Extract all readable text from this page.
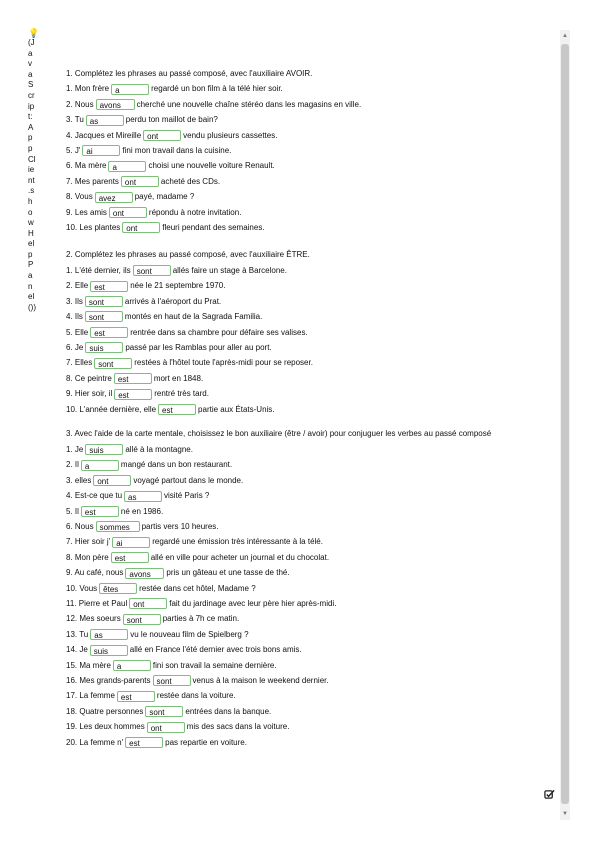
💡
(J
a
v
a
S
cr
ip
t:
A
p
p
Cl
ie
nt
.s
h
o
w
H
el
p
P
a
n
el
())
1. Complétez les phrases au passé composé, avec l'auxiliaire AVOIR.
1. Mon frère a	regardé un bon film à la télé hier soir.
2. Nous avons cherché une nouvelle chaîne stéréo dans les magasins en ville.
3. Tu as	perdu ton maillot de bain?
4. Jacques et Mireille ont	vendu plusieurs cassettes.
5. J' ai	fini mon travail dans la cuisine.
6. Ma mère a	choisi une nouvelle voiture Renault.
7. Mes parents ont	acheté des CDs.
8. Vous avez payé, madame ?
9. Les amis ont	répondu à notre invitation.
10. Les plantes ont	fleuri pendant des semaines.
2. Complétez les phrases au passé composé, avec l'auxiliaire ÊTRE.
1. L'été dernier, ils sont	allés faire un stage à Barcelone.
2. Elle est	née le 21 septembre 1970.
3. Ils sont	arrivés à l'aéroport du Prat.
4. Ils sont	montés en haut de la Sagrada Familia.
5. Elle est	rentrée dans sa chambre pour défaire ses valises.
6. Je suis	passé par les Ramblas pour aller au port.
7. Elles sont	restées à l'hôtel toute l'après-midi pour se reposer.
8. Ce peintre est	mort en 1848.
9. Hier soir, il est	rentré très tard.
10. L'année dernière, elle est	partie aux États-Unis.
3. Avec l'aide de la carte mentale, choisissez le bon auxiliaire (être / avoir) pour conjuguer les verbes au passé composé
1. Je suis	allé à la montagne.
2. Il a	mangé dans un bon restaurant.
3. elles ont	voyagé partout dans le monde.
4. Est-ce que tu as	visité Paris ?
5. Il est	né en 1986.
6. Nous sommes partis vers 10 heures.
7. Hier soir j' ai	regardé une émission très intéressante à la télé.
8. Mon père est	allé en ville pour acheter un journal et du chocolat.
9. Au café, nous avons pris un gâteau et une tasse de thé.
10. Vous êtes	restée dans cet hôtel, Madame ?
11. Pierre et Paul ont	fait du jardinage avec leur père hier après-midi.
12. Mes soeurs sont	parties à 7h ce matin.
13. Tu as	vu le nouveau film de Spielberg ?
14. Je suis	allé en France l'été dernier avec trois bons amis.
15. Ma mère a	fini son travail la semaine dernière.
16. Mes grands-parents sont	venus à la maison le weekend dernier.
17. La femme est	restée dans la voiture.
18. Quatre personnes sont	entrées dans la banque.
19. Les deux hommes ont	mis des sacs dans la voiture.
20. La femme n' est	pas repartie en voiture.
▲
▼
